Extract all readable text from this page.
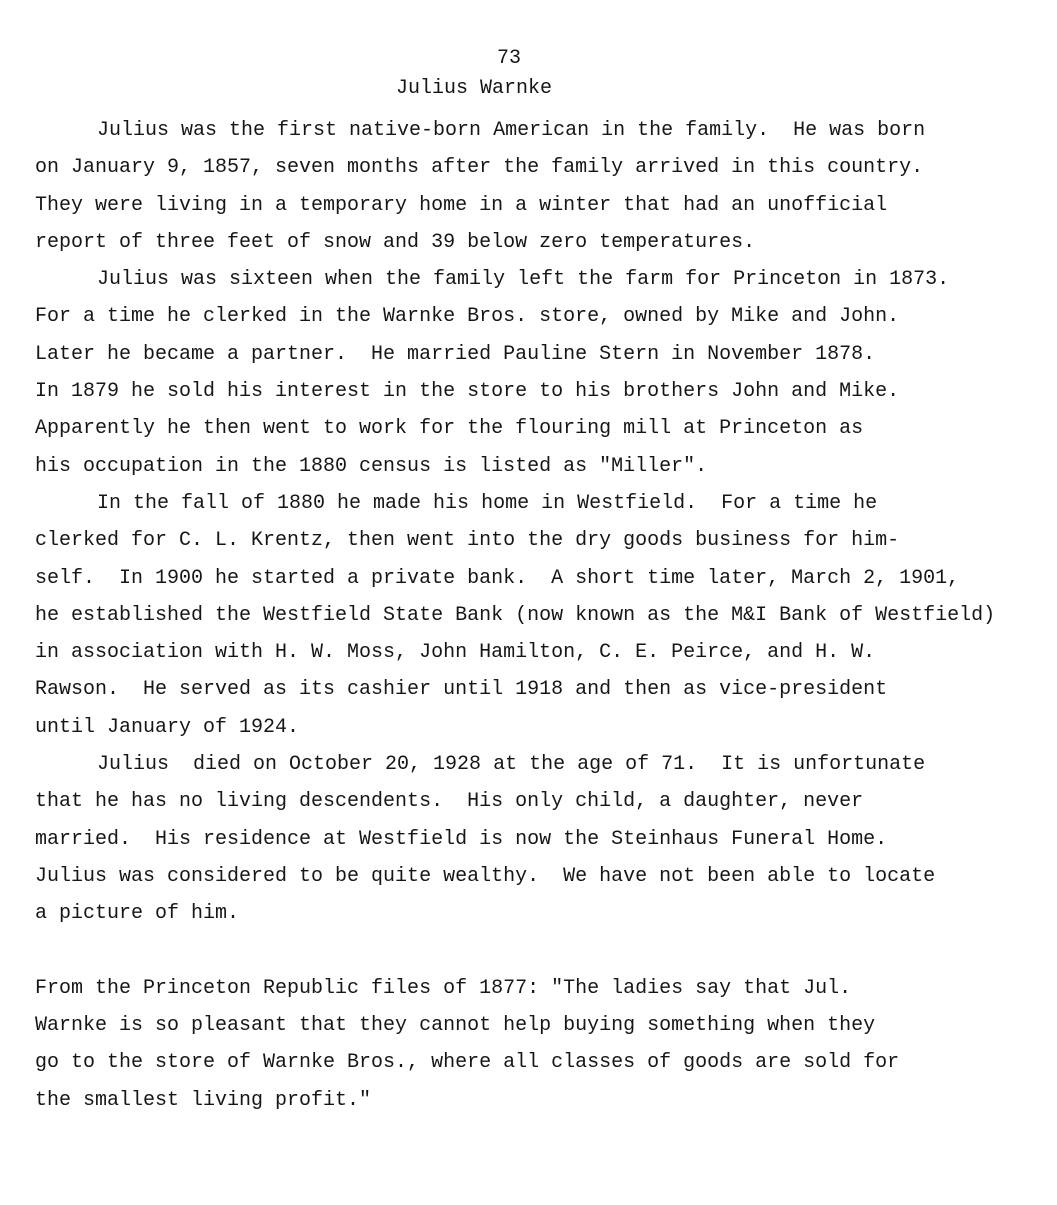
73
Julius Warnke
Julius was the first native-born American in the family.  He was born
on January 9, 1857, seven months after the family arrived in this country.
They were living in a temporary home in a winter that had an unofficial
report of three feet of snow and 39 below zero temperatures.
Julius was sixteen when the family left the farm for Princeton in 1873.
For a time he clerked in the Warnke Bros. store, owned by Mike and John.
Later he became a partner.  He married Pauline Stern in November 1878.
In 1879 he sold his interest in the store to his brothers John and Mike.
Apparently he then went to work for the flouring mill at Princeton as
his occupation in the 1880 census is listed as "Miller".
In the fall of 1880 he made his home in Westfield.  For a time he
clerked for C. L. Krentz, then went into the dry goods business for him-
self.  In 1900 he started a private bank.  A short time later, March 2, 1901,
he established the Westfield State Bank (now known as the M&I Bank of Westfield)
in association with H. W. Moss, John Hamilton, C. E. Peirce, and H. W.
Rawson.  He served as its cashier until 1918 and then as vice-president
until January of 1924.
Julius  died on October 20, 1928 at the age of 71.  It is unfortunate
that he has no living descendents.  His only child, a daughter, never
married.  His residence at Westfield is now the Steinhaus Funeral Home.
Julius was considered to be quite wealthy.  We have not been able to locate
a picture of him.
From the Princeton Republic files of 1877: "The ladies say that Jul.
Warnke is so pleasant that they cannot help buying something when they
go to the store of Warnke Bros., where all classes of goods are sold for
the smallest living profit."
